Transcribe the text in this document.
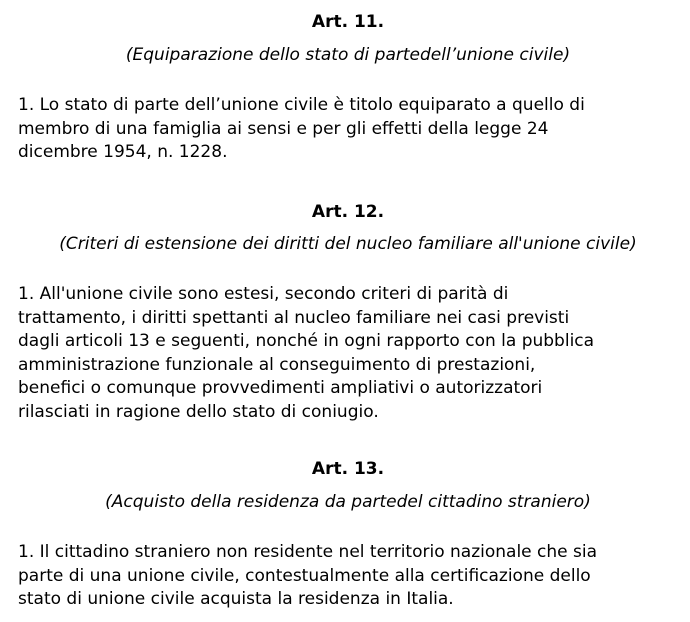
Art. 11.
(Equiparazione dello stato di partedell’unione civile)
1. Lo stato di parte dell’unione civile è titolo equiparato a quello di
membro di una famiglia ai sensi e per gli effetti della legge 24
dicembre 1954, n. 1228.
Art. 12.
(Criteri di estensione dei diritti del nucleo familiare all'unione civile)
1. All'unione civile sono estesi, secondo criteri di parità di
trattamento, i diritti spettanti al nucleo familiare nei casi previsti
dagli articoli 13 e seguenti, nonché in ogni rapporto con la pubblica
amministrazione funzionale al conseguimento di prestazioni,
benefici o comunque provvedimenti ampliativi o autorizzatori
rilasciati in ragione dello stato di coniugio.
Art. 13.
(Acquisto della residenza da partedel cittadino straniero)
1. Il cittadino straniero non residente nel territorio nazionale che sia
parte di una unione civile, contestualmente alla certificazione dello
stato di unione civile acquista la residenza in Italia.
